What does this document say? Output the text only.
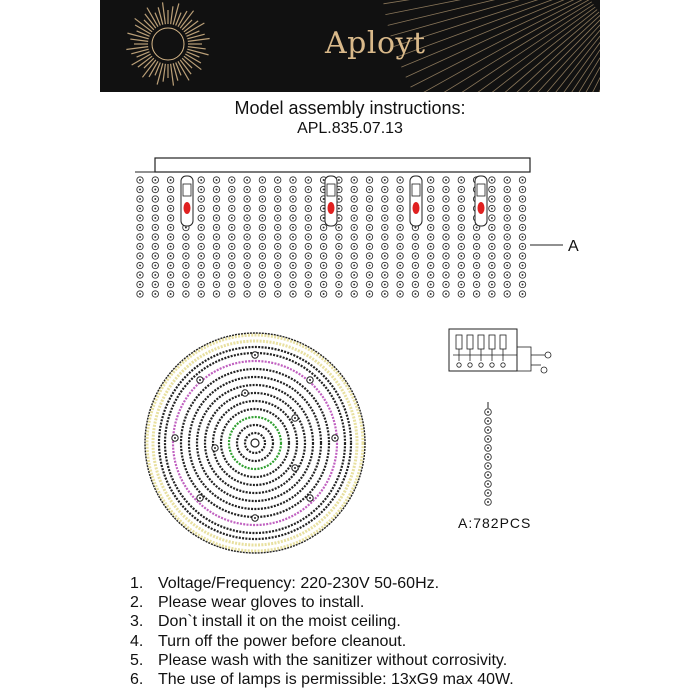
Aployt
Model assembly instructions:
APL.835.07.13
A
A:782PCS
1. Voltage/Frequency: 220-230V 50-60Hz.
2. Please wear gloves to install.
3. Don`t install it on the moist ceiling.
4. Turn off the power before cleanout.
5. Please wash with the sanitizer without corrosivity.
6. The use of lamps is permissible: 13xG9 max 40W.
